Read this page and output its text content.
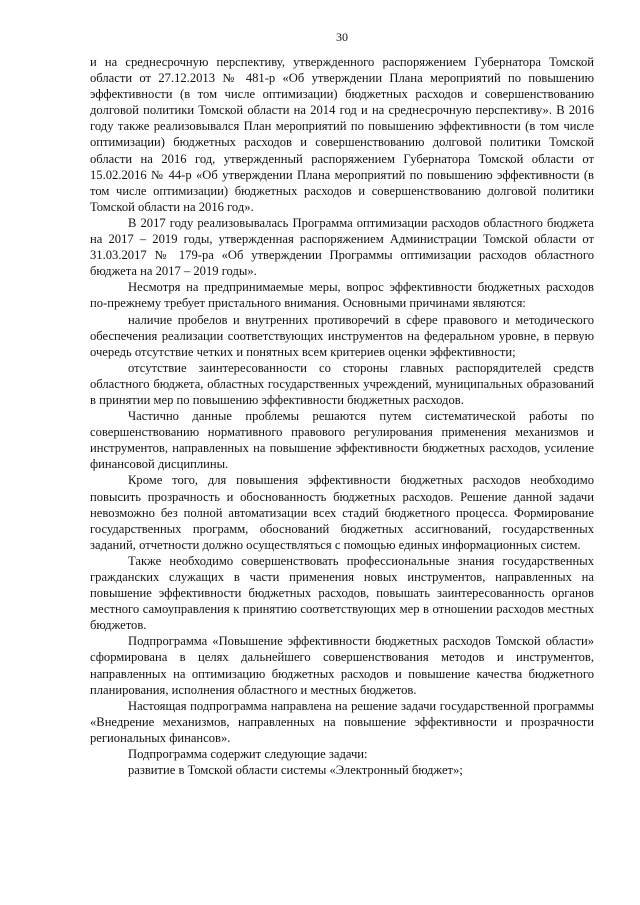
30

и на среднесрочную перспективу, утвержденного распоряжением Губернатора Томской области от 27.12.2013 № 481-р «Об утверждении Плана мероприятий по повышению эффективности (в том числе оптимизации) бюджетных расходов и совершенствованию долговой политики Томской области на 2014 год и на среднесрочную перспективу». В 2016 году также реализовывался План мероприятий по повышению эффективности (в том числе оптимизации) бюджетных расходов и совершенствованию долговой политики Томской области на 2016 год, утвержденный распоряжением Губернатора Томской области от 15.02.2016 № 44-р «Об утверждении Плана мероприятий по повышению эффективности (в том числе оптимизации) бюджетных расходов и совершенствованию долговой политики Томской области на 2016 год».

В 2017 году реализовывалась Программа оптимизации расходов областного бюджета на 2017 – 2019 годы, утвержденная распоряжением Администрации Томской области от 31.03.2017 № 179-ра «Об утверждении Программы оптимизации расходов областного бюджета на 2017 – 2019 годы».

Несмотря на предпринимаемые меры, вопрос эффективности бюджетных расходов по-прежнему требует пристального внимания. Основными причинами являются:

наличие пробелов и внутренних противоречий в сфере правового и методического обеспечения реализации соответствующих инструментов на федеральном уровне, в первую очередь отсутствие четких и понятных всем критериев оценки эффективности;

отсутствие заинтересованности со стороны главных распорядителей средств областного бюджета, областных государственных учреждений, муниципальных образований в принятии мер по повышению эффективности бюджетных расходов.

Частично данные проблемы решаются путем систематической работы по совершенствованию нормативного правового регулирования применения механизмов и инструментов, направленных на повышение эффективности бюджетных расходов, усиление финансовой дисциплины.

Кроме того, для повышения эффективности бюджетных расходов необходимо повысить прозрачность и обоснованность бюджетных расходов. Решение данной задачи невозможно без полной автоматизации всех стадий бюджетного процесса. Формирование государственных программ, обоснований бюджетных ассигнований, государственных заданий, отчетности должно осуществляться с помощью единых информационных систем.

Также необходимо совершенствовать профессиональные знания государственных гражданских служащих в части применения новых инструментов, направленных на повышение эффективности бюджетных расходов, повышать заинтересованность органов местного самоуправления к принятию соответствующих мер в отношении расходов местных бюджетов.

Подпрограмма «Повышение эффективности бюджетных расходов Томской области» сформирована в целях дальнейшего совершенствования методов и инструментов, направленных на оптимизацию бюджетных расходов и повышение качества бюджетного планирования, исполнения областного и местных бюджетов.

Настоящая подпрограмма направлена на решение задачи государственной программы «Внедрение механизмов, направленных на повышение эффективности и прозрачности региональных финансов».

Подпрограмма содержит следующие задачи:

развитие в Томской области системы «Электронный бюджет»;
